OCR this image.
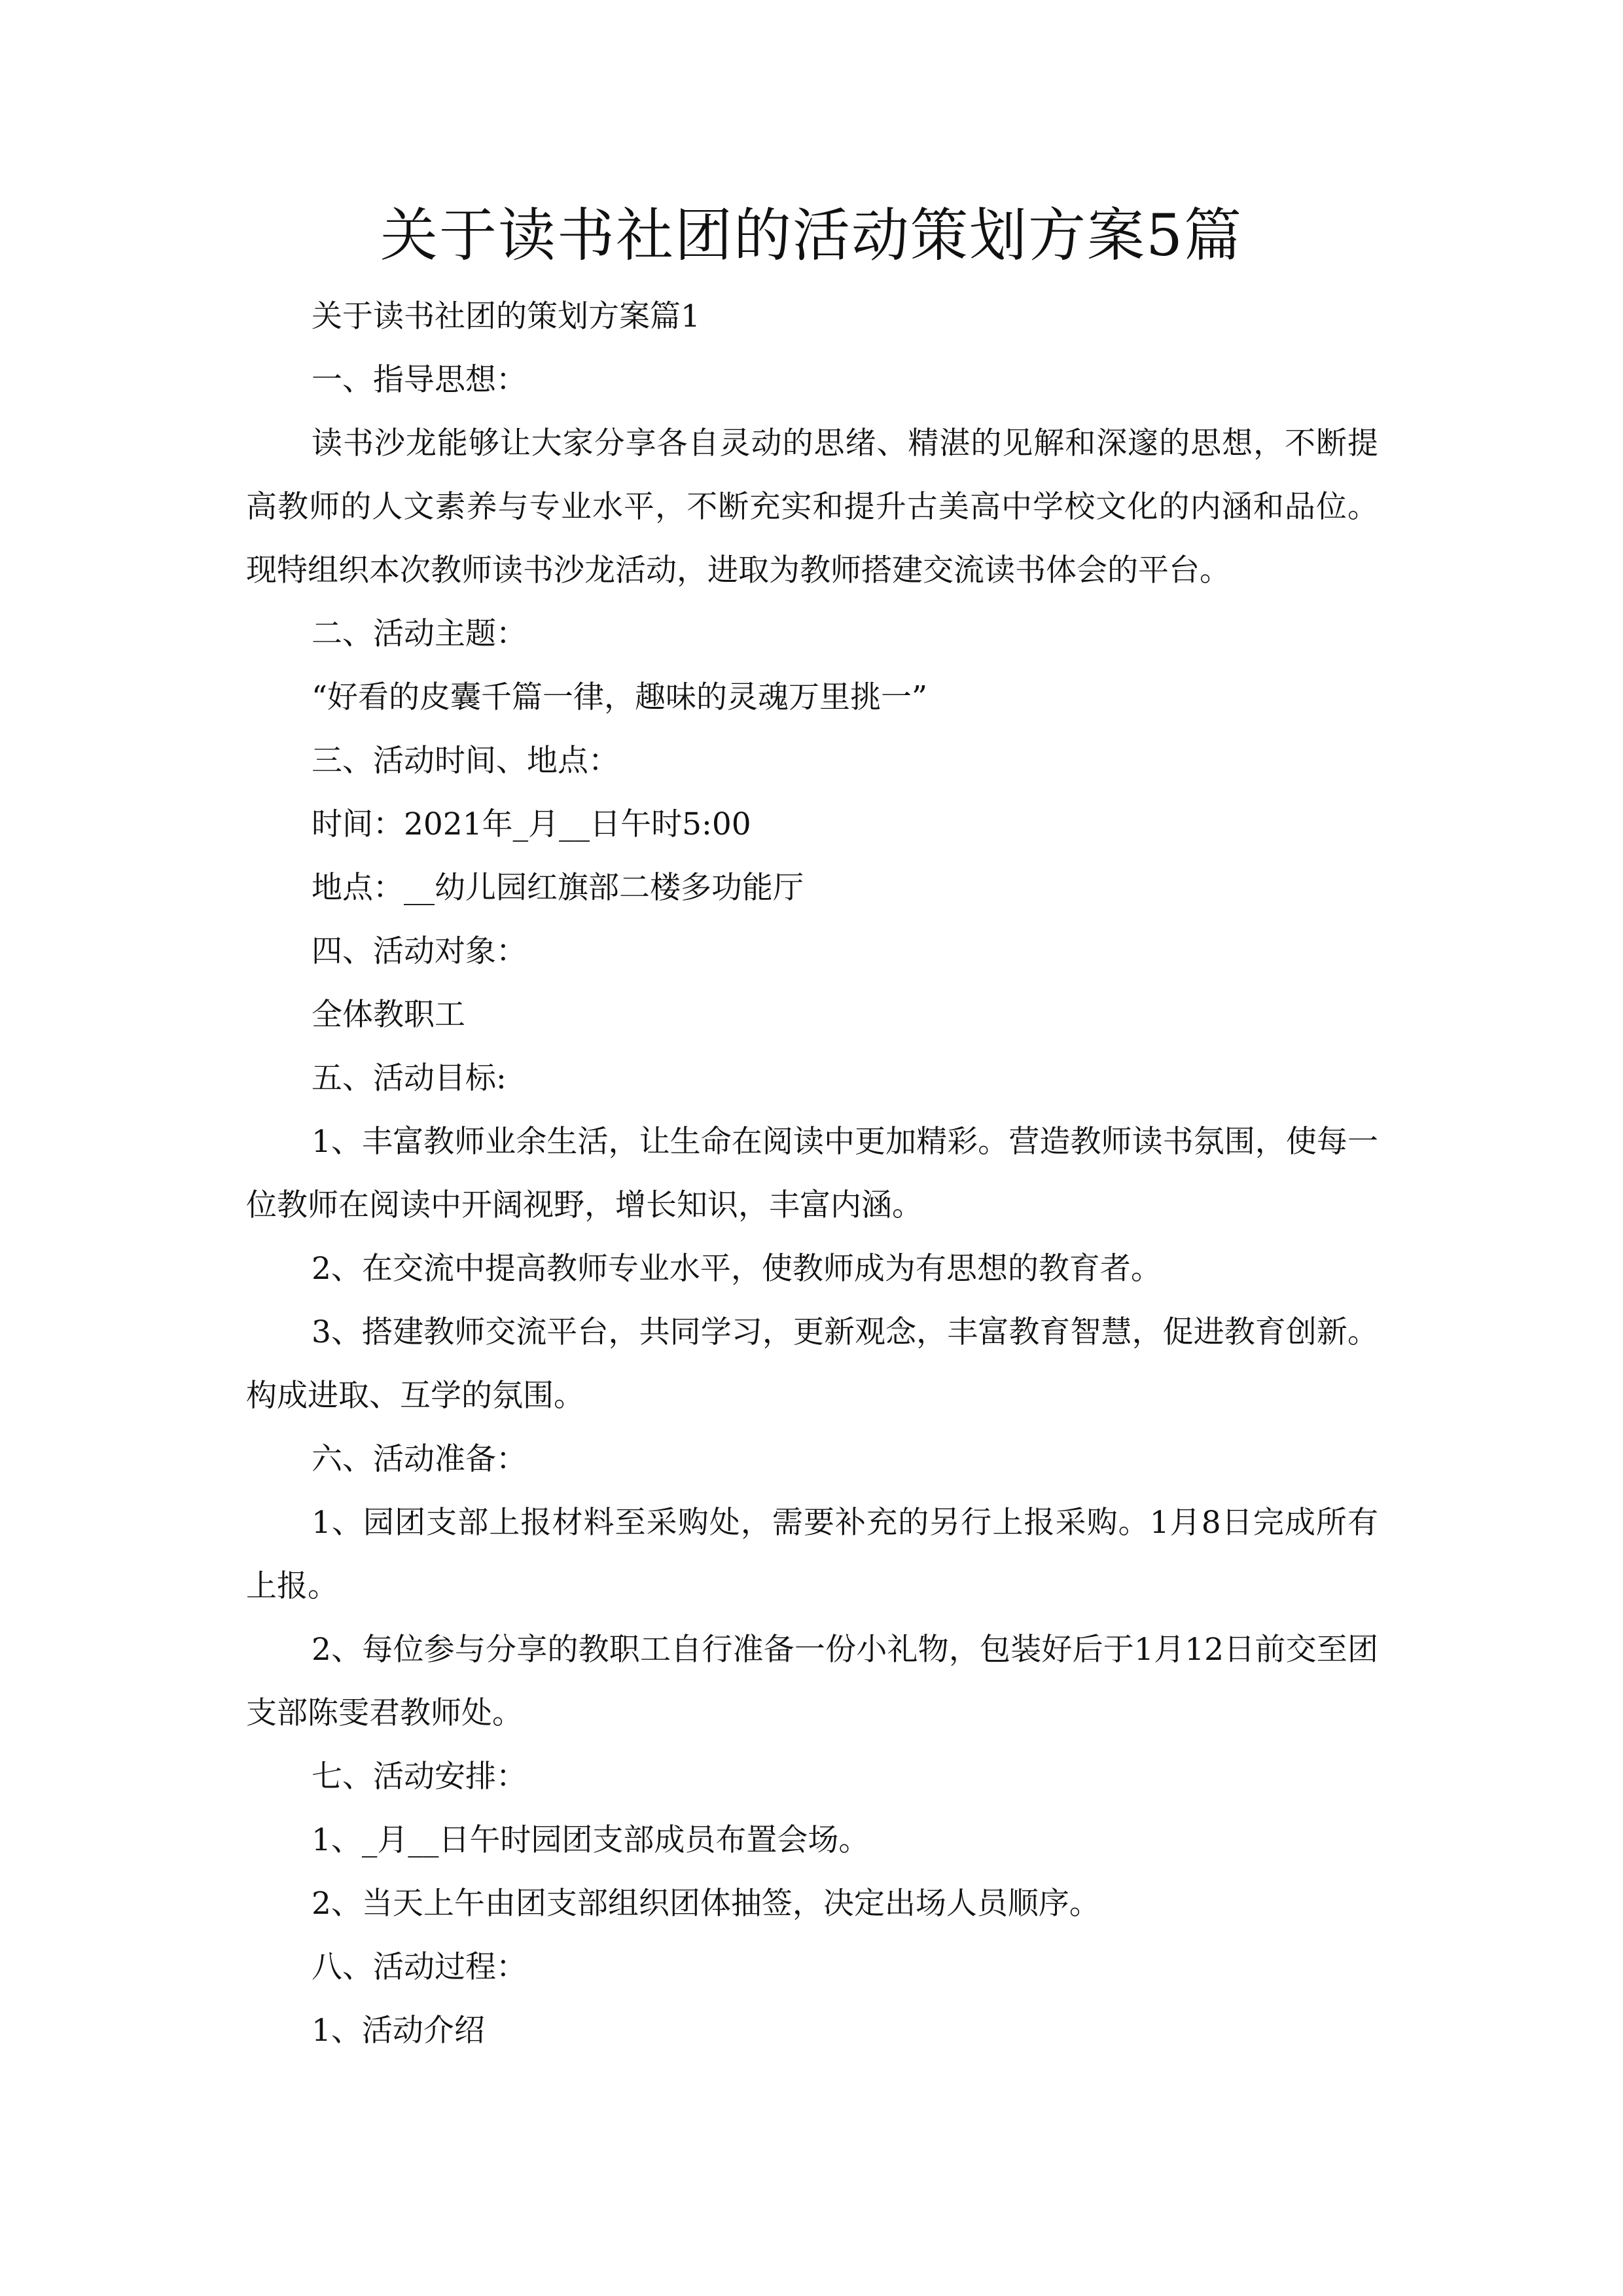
关于读书社团的活动策划方案5篇

关于读书社团的策划方案篇1

一、指导思想：

读书沙龙能够让大家分享各自灵动的思绪、精湛的见解和深邃的思想，不断提高教师的人文素养与专业水平，不断充实和提升古美高中学校文化的内涵和品位。现特组织本次教师读书沙龙活动，进取为教师搭建交流读书体会的平台。

二、活动主题：

“好看的皮囊千篇一律，趣味的灵魂万里挑一”

三、活动时间、地点：

时间：2021年_月__日午时5:00

地点：__幼儿园红旗部二楼多功能厅

四、活动对象：

全体教职工

五、活动目标:

1、丰富教师业余生活，让生命在阅读中更加精彩。营造教师读书氛围，使每一位教师在阅读中开阔视野，增长知识，丰富内涵。

2、在交流中提高教师专业水平，使教师成为有思想的教育者。

3、搭建教师交流平台，共同学习，更新观念，丰富教育智慧，促进教育创新。构成进取、互学的氛围。

六、活动准备：

1、园团支部上报材料至采购处，需要补充的另行上报采购。1月8日完成所有上报。

2、每位参与分享的教职工自行准备一份小礼物，包装好后于1月12日前交至团支部陈雯君教师处。

七、活动安排：

1、_月__日午时园团支部成员布置会场。

2、当天上午由团支部组织团体抽签，决定出场人员顺序。

八、活动过程：

1、活动介绍
